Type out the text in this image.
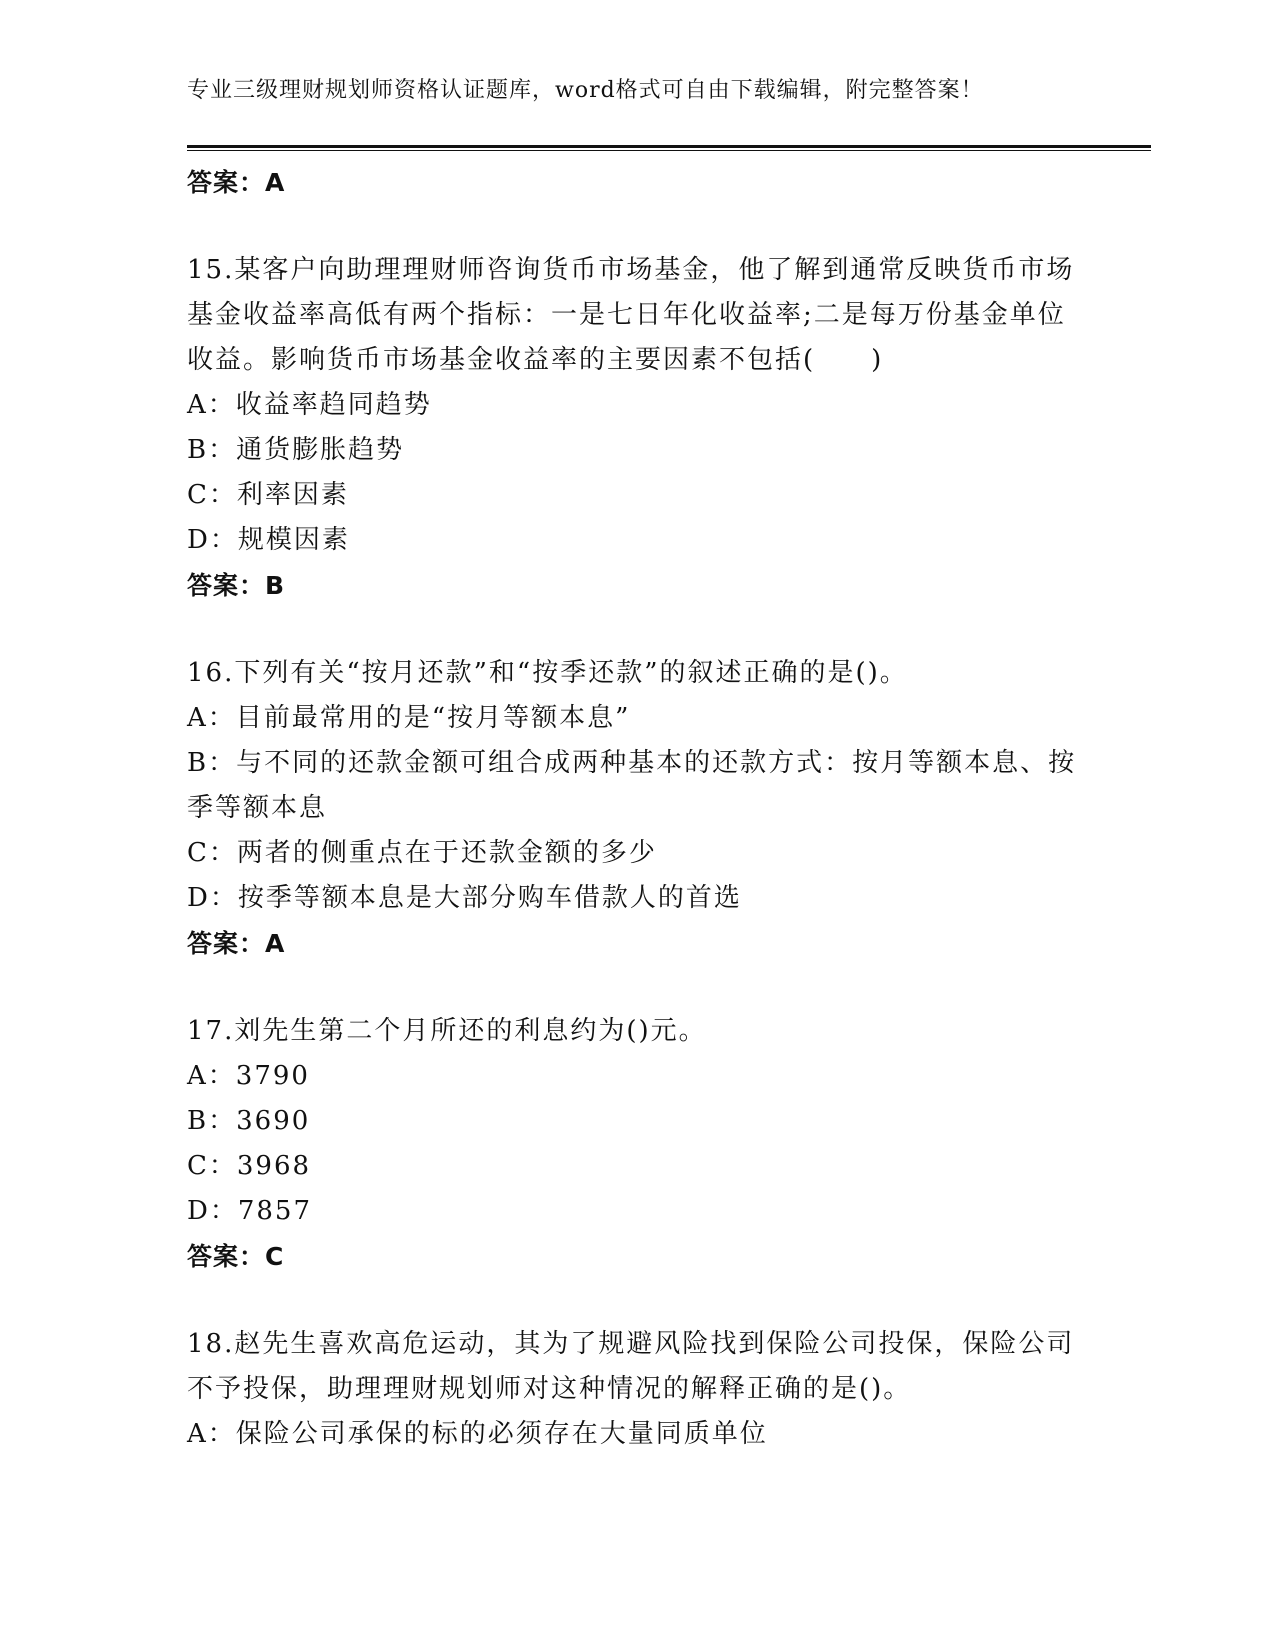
专业三级理财规划师资格认证题库，word格式可自由下载编辑，附完整答案！

答案：A

15.某客户向助理理财师咨询货币市场基金，他了解到通常反映货币市场基金收益率高低有两个指标：一是七日年化收益率;二是每万份基金单位收益。影响货币市场基金收益率的主要因素不包括(　　)

A：收益率趋同趋势

B：通货膨胀趋势

C：利率因素

D：规模因素

答案：B

16.下列有关“按月还款”和“按季还款”的叙述正确的是()。

A：目前最常用的是“按月等额本息”

B：与不同的还款金额可组合成两种基本的还款方式：按月等额本息、按季等额本息

C：两者的侧重点在于还款金额的多少

D：按季等额本息是大部分购车借款人的首选

答案：A

17.刘先生第二个月所还的利息约为()元。

A：3790

B：3690

C：3968

D：7857

答案：C

18.赵先生喜欢高危运动，其为了规避风险找到保险公司投保，保险公司不予投保，助理理财规划师对这种情况的解释正确的是()。

A：保险公司承保的标的必须存在大量同质单位
